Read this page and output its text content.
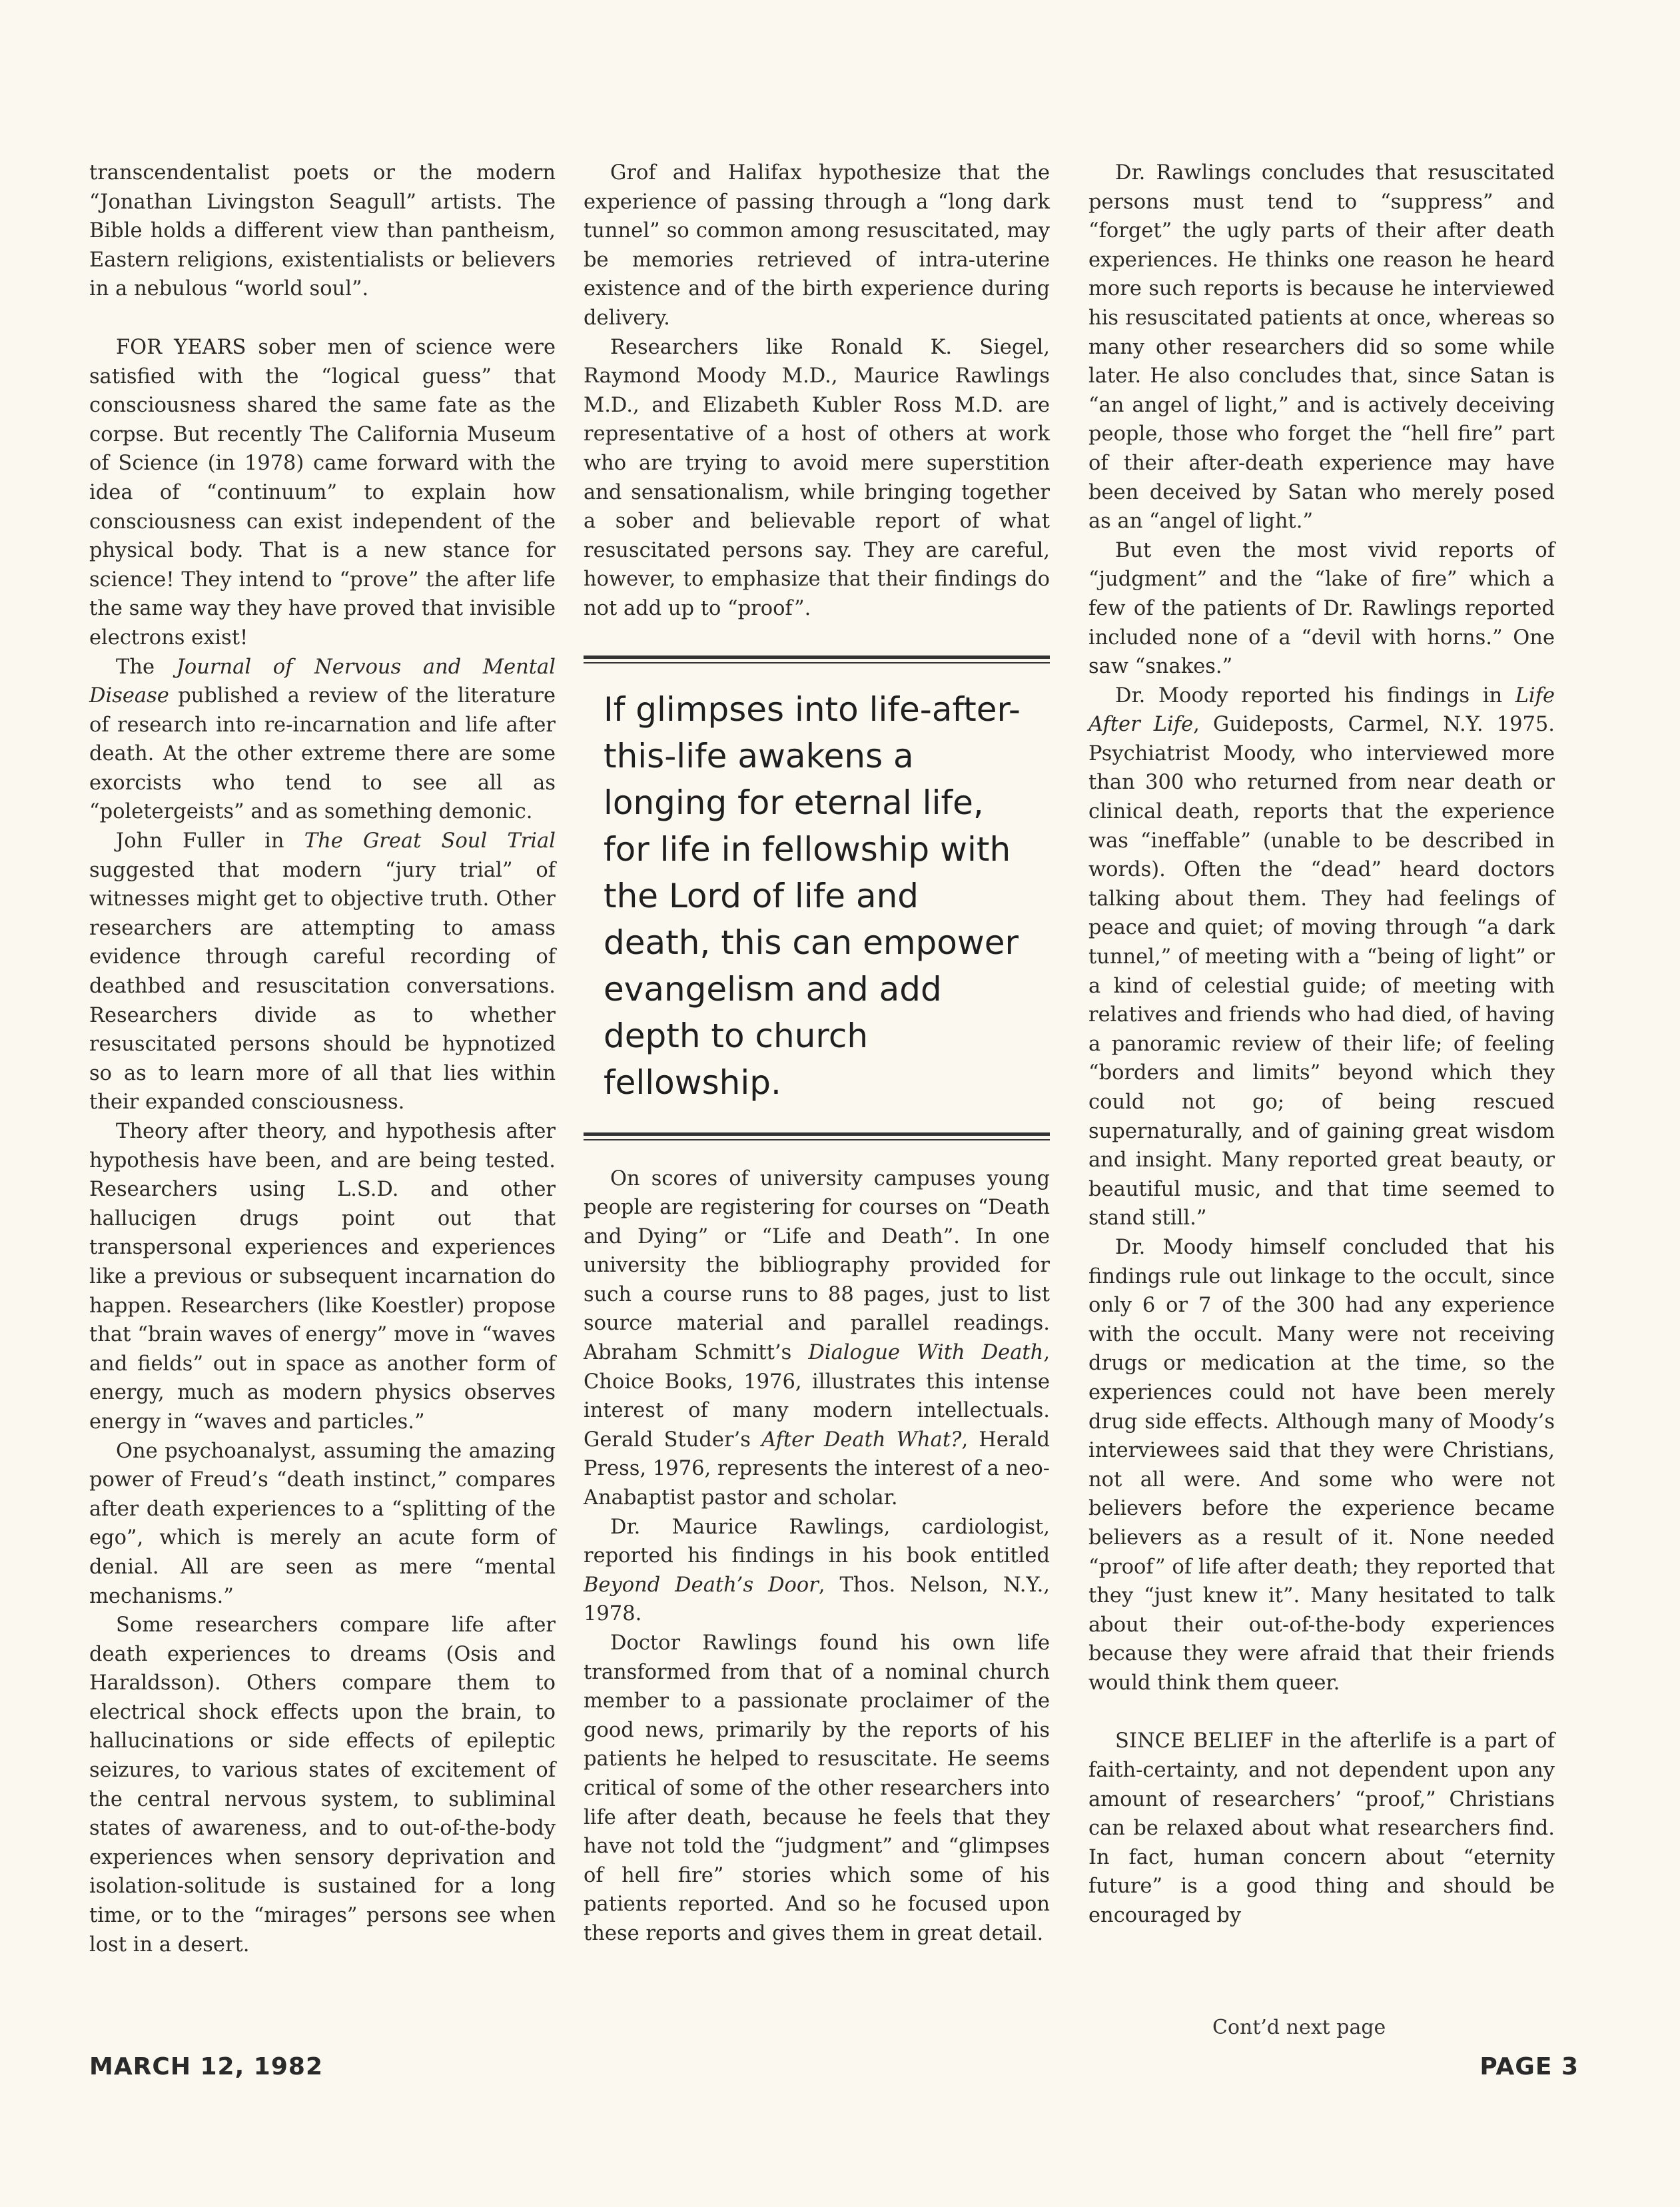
transcendentalist poets or the modern “Jonathan Livingston Seagull” artists. The Bible holds a different view than pantheism, Eastern religions, existentialists or believers in a nebulous “world soul”.

FOR YEARS sober men of science were satisfied with the “logical guess” that consciousness shared the same fate as the corpse. But recently The California Museum of Science (in 1978) came forward with the idea of “continuum” to explain how consciousness can exist independent of the physical body. That is a new stance for science! They intend to “prove” the after life the same way they have proved that invisible electrons exist!

The Journal of Nervous and Mental Disease published a review of the literature of research into re-incarnation and life after death. At the other extreme there are some exorcists who tend to see all as “poletergeists” and as something demonic.

John Fuller in The Great Soul Trial suggested that modern “jury trial” of witnesses might get to objective truth. Other researchers are attempting to amass evidence through careful recording of deathbed and resuscitation conversations. Researchers divide as to whether resuscitated persons should be hypnotized so as to learn more of all that lies within their expanded consciousness.

Theory after theory, and hypothesis after hypothesis have been, and are being tested. Researchers using L.S.D. and other hallucigen drugs point out that transpersonal experiences and experiences like a previous or subsequent incarnation do happen. Researchers (like Koestler) propose that “brain waves of energy” move in “waves and fields” out in space as another form of energy, much as modern physics observes energy in “waves and particles.”

One psychoanalyst, assuming the amazing power of Freud’s “death instinct,” compares after death experiences to a “splitting of the ego”, which is merely an acute form of denial. All are seen as mere “mental mechanisms.”

Some researchers compare life after death experiences to dreams (Osis and Haraldsson). Others compare them to electrical shock effects upon the brain, to hallucinations or side effects of epileptic seizures, to various states of excitement of the central nervous system, to subliminal states of awareness, and to out-of-the-body experiences when sensory deprivation and isolation-solitude is sustained for a long time, or to the “mirages” persons see when lost in a desert.

Grof and Halifax hypothesize that the experience of passing through a “long dark tunnel” so common among resuscitated, may be memories retrieved of intra-uterine existence and of the birth experience during delivery.

Researchers like Ronald K. Siegel, Raymond Moody M.D., Maurice Rawlings M.D., and Elizabeth Kubler Ross M.D. are representative of a host of others at work who are trying to avoid mere superstition and sensationalism, while bringing together a sober and believable report of what resuscitated persons say. They are careful, however, to emphasize that their findings do not add up to “proof”.

If glimpses into life-after-this-life awakens a longing for eternal life, for life in fellowship with the Lord of life and death, this can empower evangelism and add depth to church fellowship.

On scores of university campuses young people are registering for courses on “Death and Dying” or “Life and Death”. In one university the bibliography provided for such a course runs to 88 pages, just to list source material and parallel readings. Abraham Schmitt’s Dialogue With Death, Choice Books, 1976, illustrates this intense interest of many modern intellectuals. Gerald Studer’s After Death What?, Herald Press, 1976, represents the interest of a neo-Anabaptist pastor and scholar.

Dr. Maurice Rawlings, cardiologist, reported his findings in his book entitled Beyond Death’s Door, Thos. Nelson, N.Y., 1978.

Doctor Rawlings found his own life transformed from that of a nominal church member to a passionate proclaimer of the good news, primarily by the reports of his patients he helped to resuscitate. He seems critical of some of the other researchers into life after death, because he feels that they have not told the “judgment” and “glimpses of hell fire” stories which some of his patients reported. And so he focused upon these reports and gives them in great detail.

Dr. Rawlings concludes that resuscitated persons must tend to “suppress” and “forget” the ugly parts of their after death experiences. He thinks one reason he heard more such reports is because he interviewed his resuscitated patients at once, whereas so many other researchers did so some while later. He also concludes that, since Satan is “an angel of light,” and is actively deceiving people, those who forget the “hell fire” part of their after-death experience may have been deceived by Satan who merely posed as an “angel of light.”

But even the most vivid reports of “judgment” and the “lake of fire” which a few of the patients of Dr. Rawlings reported included none of a “devil with horns.” One saw “snakes.”

Dr. Moody reported his findings in Life After Life, Guideposts, Carmel, N.Y. 1975. Psychiatrist Moody, who interviewed more than 300 who returned from near death or clinical death, reports that the experience was “ineffable” (unable to be described in words). Often the “dead” heard doctors talking about them. They had feelings of peace and quiet; of moving through “a dark tunnel,” of meeting with a “being of light” or a kind of celestial guide; of meeting with relatives and friends who had died, of having a panoramic review of their life; of feeling “borders and limits” beyond which they could not go; of being rescued supernaturally, and of gaining great wisdom and insight. Many reported great beauty, or beautiful music, and that time seemed to stand still.”

Dr. Moody himself concluded that his findings rule out linkage to the occult, since only 6 or 7 of the 300 had any experience with the occult. Many were not receiving drugs or medication at the time, so the experiences could not have been merely drug side effects. Although many of Moody’s interviewees said that they were Christians, not all were. And some who were not believers before the experience became believers as a result of it. None needed “proof” of life after death; they reported that they “just knew it”. Many hesitated to talk about their out-of-the-body experiences because they were afraid that their friends would think them queer.

SINCE BELIEF in the afterlife is a part of faith-certainty, and not dependent upon any amount of researchers’ “proof,” Christians can be relaxed about what researchers find. In fact, human concern about “eternity future” is a good thing and should be encouraged by

Cont’d next page
MARCH 12, 1982	PAGE 3
